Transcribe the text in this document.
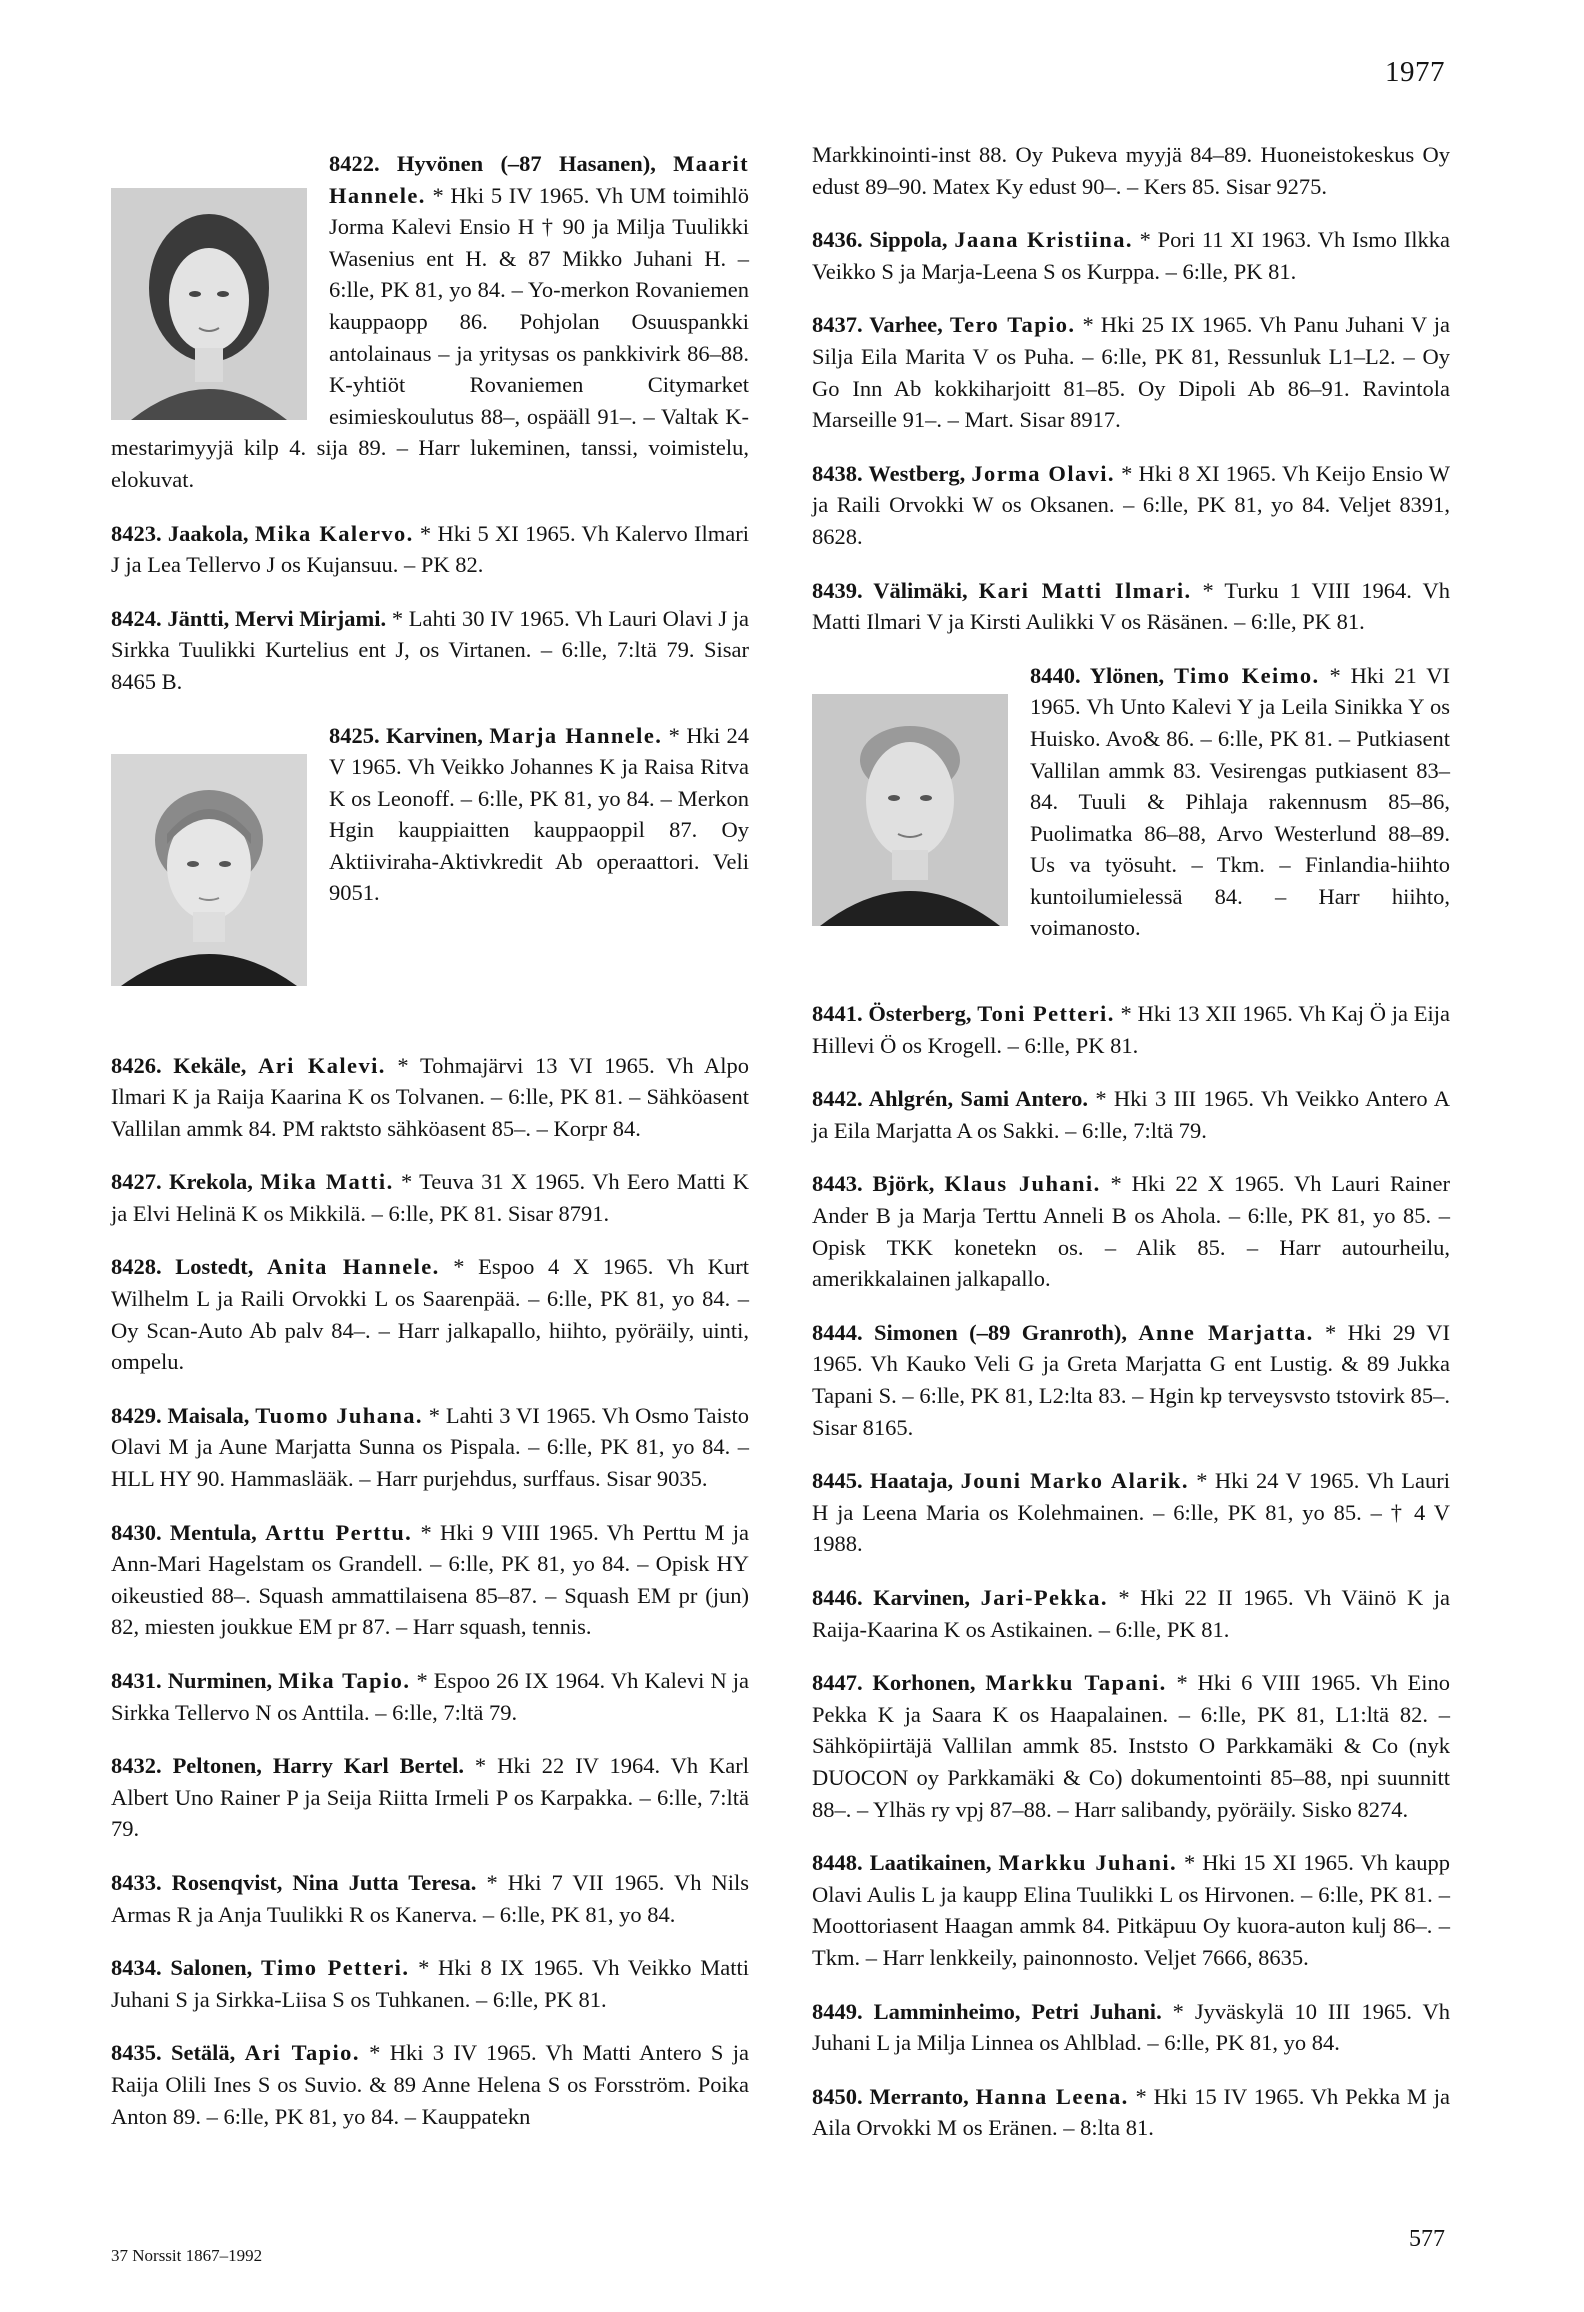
1977

8422. Hyvönen (–87 Hasanen), Maarit Hannele. * Hki 5 IV 1965. Vh UM toimihlö Jorma Kalevi Ensio H † 90 ja Milja Tuulikki Wasenius ent H. & 87 Mikko Juhani H. – 6:lle, PK 81, yo 84. – Yo-merkon Rovaniemen kauppaopp 86. Pohjolan Osuuspankki antolainaus – ja yritysas os pankkivirk 86–88. K-yhtiöt Rovaniemen Citymarket esimieskoulutus 88–, ospääll 91–. – Valtak K-mestarimyyjä kilp 4. sija 89. – Harr lukeminen, tanssi, voimistelu, elokuvat.

8423. Jaakola, Mika Kalervo. * Hki 5 XI 1965. Vh Kalervo Ilmari J ja Lea Tellervo J os Kujansuu. – PK 82.

8424. Jäntti, Mervi Mirjami. * Lahti 30 IV 1965. Vh Lauri Olavi J ja Sirkka Tuulikki Kurtelius ent J, os Virtanen. – 6:lle, 7:ltä 79. Sisar 8465 B.

8425. Karvinen, Marja Hannele. * Hki 24 V 1965. Vh Veikko Johannes K ja Raisa Ritva K os Leonoff. – 6:lle, PK 81, yo 84. – Merkon Hgin kauppiaitten kauppaoppil 87. Oy Aktiiviraha-Aktivkredit Ab operaattori. Veli 9051.

8426. Kekäle, Ari Kalevi. * Tohmajärvi 13 VI 1965. Vh Alpo Ilmari K ja Raija Kaarina K os Tolvanen. – 6:lle, PK 81. – Sähköasent Vallilan ammk 84. PM raktsto sähköasent 85–. – Korpr 84.

8427. Krekola, Mika Matti. * Teuva 31 X 1965. Vh Eero Matti K ja Elvi Helinä K os Mikkilä. – 6:lle, PK 81. Sisar 8791.

8428. Lostedt, Anita Hannele. * Espoo 4 X 1965. Vh Kurt Wilhelm L ja Raili Orvokki L os Saarenpää. – 6:lle, PK 81, yo 84. – Oy Scan-Auto Ab palv 84–. – Harr jalkapallo, hiihto, pyöräily, uinti, ompelu.

8429. Maisala, Tuomo Juhana. * Lahti 3 VI 1965. Vh Osmo Taisto Olavi M ja Aune Marjatta Sunna os Pispala. – 6:lle, PK 81, yo 84. – HLL HY 90. Hammaslääk. – Harr purjehdus, surffaus. Sisar 9035.

8430. Mentula, Arttu Perttu. * Hki 9 VIII 1965. Vh Perttu M ja Ann-Mari Hagelstam os Grandell. – 6:lle, PK 81, yo 84. – Opisk HY oikeustied 88–. Squash ammattilaisena 85–87. – Squash EM pr (jun) 82, miesten joukkue EM pr 87. – Harr squash, tennis.

8431. Nurminen, Mika Tapio. * Espoo 26 IX 1964. Vh Kalevi N ja Sirkka Tellervo N os Anttila. – 6:lle, 7:ltä 79.

8432. Peltonen, Harry Karl Bertel. * Hki 22 IV 1964. Vh Karl Albert Uno Rainer P ja Seija Riitta Irmeli P os Karpakka. – 6:lle, 7:ltä 79.

8433. Rosenqvist, Nina Jutta Teresa. * Hki 7 VII 1965. Vh Nils Armas R ja Anja Tuulikki R os Kanerva. – 6:lle, PK 81, yo 84.

8434. Salonen, Timo Petteri. * Hki 8 IX 1965. Vh Veikko Matti Juhani S ja Sirkka-Liisa S os Tuhkanen. – 6:lle, PK 81.

8435. Setälä, Ari Tapio. * Hki 3 IV 1965. Vh Matti Antero S ja Raija Olili Ines S os Suvio. & 89 Anne Helena S os Forsström. Poika Anton 89. – 6:lle, PK 81, yo 84. – Kauppatekn

Markkinointi-inst 88. Oy Pukeva myyjä 84–89. Huoneistokeskus Oy edust 89–90. Matex Ky edust 90–. – Kers 85. Sisar 9275.

8436. Sippola, Jaana Kristiina. * Pori 11 XI 1963. Vh Ismo Ilkka Veikko S ja Marja-Leena S os Kurppa. – 6:lle, PK 81.

8437. Varhee, Tero Tapio. * Hki 25 IX 1965. Vh Panu Juhani V ja Silja Eila Marita V os Puha. – 6:lle, PK 81, Ressunluk L1–L2. – Oy Go Inn Ab kokkiharjoitt 81–85. Oy Dipoli Ab 86–91. Ravintola Marseille 91–. – Mart. Sisar 8917.

8438. Westberg, Jorma Olavi. * Hki 8 XI 1965. Vh Keijo Ensio W ja Raili Orvokki W os Oksanen. – 6:lle, PK 81, yo 84. Veljet 8391, 8628.

8439. Välimäki, Kari Matti Ilmari. * Turku 1 VIII 1964. Vh Matti Ilmari V ja Kirsti Aulikki V os Räsänen. – 6:lle, PK 81.

8440. Ylönen, Timo Keimo. * Hki 21 VI 1965. Vh Unto Kalevi Y ja Leila Sinikka Y os Huisko. Avo& 86. – 6:lle, PK 81. – Putkiasent Vallilan ammk 83. Vesirengas putkiasent 83–84. Tuuli & Pihlaja rakennusm 85–86, Puolimatka 86–88, Arvo Westerlund 88–89. Us va työsuht. – Tkm. – Finlandia-hiihto kuntoilumielessä 84. – Harr hiihto, voimanosto.

8441. Österberg, Toni Petteri. * Hki 13 XII 1965. Vh Kaj Ö ja Eija Hillevi Ö os Krogell. – 6:lle, PK 81.

8442. Ahlgrén, Sami Antero. * Hki 3 III 1965. Vh Veikko Antero A ja Eila Marjatta A os Sakki. – 6:lle, 7:ltä 79.

8443. Björk, Klaus Juhani. * Hki 22 X 1965. Vh Lauri Rainer Ander B ja Marja Terttu Anneli B os Ahola. – 6:lle, PK 81, yo 85. – Opisk TKK konetekn os. – Alik 85. – Harr autourheilu, amerikkalainen jalkapallo.

8444. Simonen (–89 Granroth), Anne Marjatta. * Hki 29 VI 1965. Vh Kauko Veli G ja Greta Marjatta G ent Lustig. & 89 Jukka Tapani S. – 6:lle, PK 81, L2:lta 83. – Hgin kp terveysvsto tstovirk 85–. Sisar 8165.

8445. Haataja, Jouni Marko Alarik. * Hki 24 V 1965. Vh Lauri H ja Leena Maria os Kolehmainen. – 6:lle, PK 81, yo 85. – † 4 V 1988.

8446. Karvinen, Jari-Pekka. * Hki 22 II 1965. Vh Väinö K ja Raija-Kaarina K os Astikainen. – 6:lle, PK 81.

8447. Korhonen, Markku Tapani. * Hki 6 VIII 1965. Vh Eino Pekka K ja Saara K os Haapalainen. – 6:lle, PK 81, L1:ltä 82. – Sähköpiirtäjä Vallilan ammk 85. Inststo O Parkkamäki & Co (nyk DUOCON oy Parkkamäki & Co) dokumentointi 85–88, npi suunnitt 88–. – Ylhäs ry vpj 87–88. – Harr salibandy, pyöräily. Sisko 8274.

8448. Laatikainen, Markku Juhani. * Hki 15 XI 1965. Vh kaupp Olavi Aulis L ja kaupp Elina Tuulikki L os Hirvonen. – 6:lle, PK 81. – Moottoriasent Haagan ammk 84. Pitkäpuu Oy kuora-auton kulj 86–. – Tkm. – Harr lenkkeily, painonnosto. Veljet 7666, 8635.

8449. Lamminheimo, Petri Juhani. * Jyväskylä 10 III 1965. Vh Juhani L ja Milja Linnea os Ahlblad. – 6:lle, PK 81, yo 84.

8450. Merranto, Hanna Leena. * Hki 15 IV 1965. Vh Pekka M ja Aila Orvokki M os Eränen. – 8:lta 81.

37 Norssit 1867–1992
577
